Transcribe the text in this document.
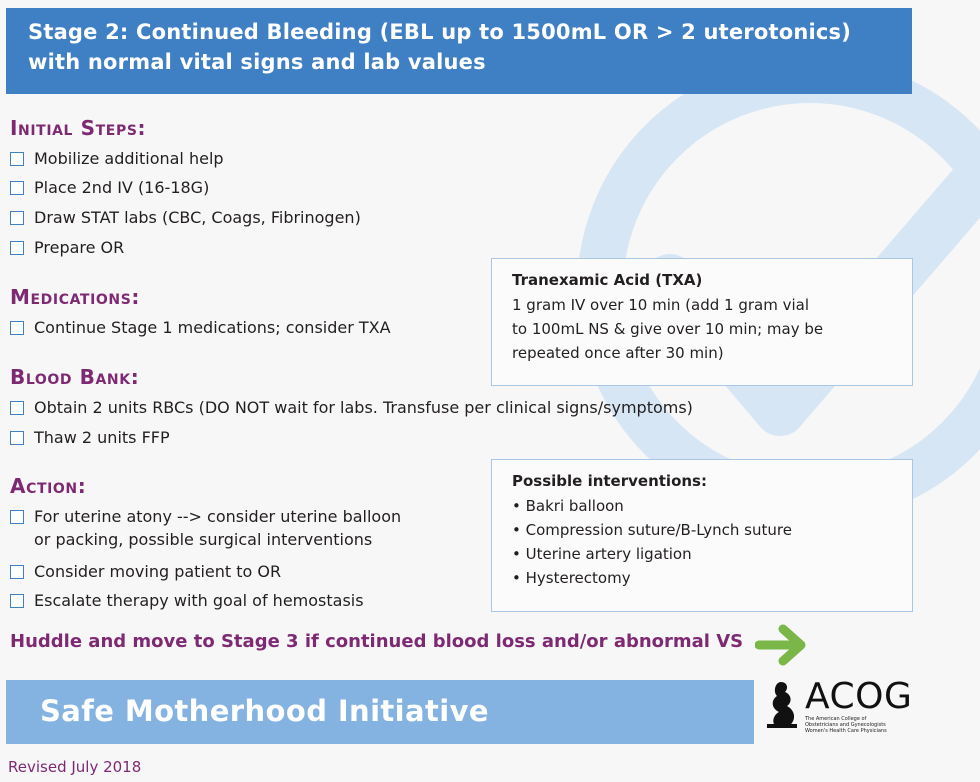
Stage 2: Continued Bleeding (EBL up to 1500mL OR > 2 uterotonics)
with normal vital signs and lab values
Initial Steps:
Mobilize additional help
Place 2nd IV (16-18G)
Draw STAT labs (CBC, Coags, Fibrinogen)
Prepare OR
Medications:
Continue Stage 1 medications; consider TXA
Blood Bank:
Obtain 2 units RBCs (DO NOT wait for labs. Transfuse per clinical signs/symptoms)
Thaw 2 units FFP
Action:
For uterine atony --> consider uterine balloon
or packing, possible surgical interventions
Consider moving patient to OR
Escalate therapy with goal of hemostasis
Tranexamic Acid (TXA)
1 gram IV over 10 min (add 1 gram vial
to 100mL NS & give over 10 min; may be
repeated once after 30 min)
Possible interventions:
• Bakri balloon
• Compression suture/B-Lynch suture
• Uterine artery ligation
• Hysterectomy
Huddle and move to Stage 3 if continued blood loss and/or abnormal VS
Safe Motherhood Initiative	ACOG
The American College of Obstetricians and Gynecologists Women's Health Care Physicians
Revised July 2018
